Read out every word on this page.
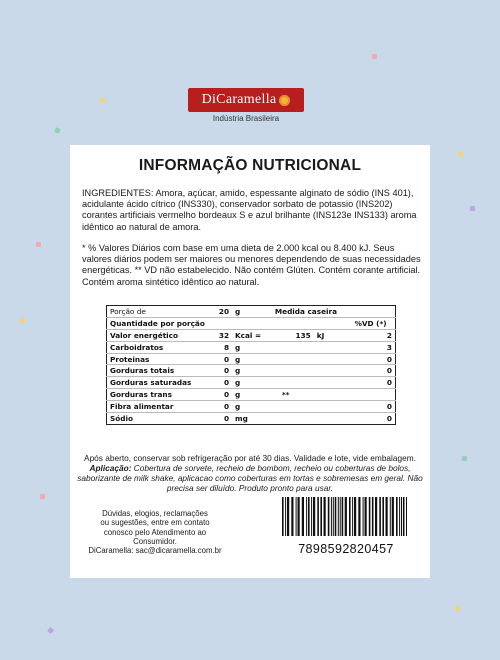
DiCaramella
Indústria Brasileira
INFORMAÇÃO NUTRICIONAL
INGREDIENTES: Amora, açúcar, amido, espessante alginato de sódio (INS 401), acidulante ácido cítrico (INS330), conservador sorbato de potassio (INS202) corantes artificiais vermelho bordeaux S e azul brilhante (INS123e INS133) aroma idêntico ao natural de amora.
* % Valores Diários com base em uma dieta de 2.000 kcal ou 8.400 kJ. Seus valores diários podem ser maiores ou menores dependendo de suas necessidades energéticas. ** VD não estabelecido. Não contém Glúten. Contém corante artificial. Contém aroma sintético idêntico ao natural.
Porção de	20	g	Medida caseira		
Quantidade por porção					%VD (*)
Valor energético	32	Kcal =	135	kJ	2
Carboidratos	8	g			3
Proteinas	0	g			0
Gorduras totais	0	g			0
Gorduras saturadas	0	g			0
Gorduras trans	0	g	**		
Fibra alimentar	0	g			0
Sódio	0	mg			0
Após aberto, conservar sob refrigeração por até 30 dias. Validade e lote, vide embalagem.
Aplicação: Cobertura de sorvete, recheio de bombom, recheio ou coberturas de bolos, saborizante de milk shake, aplicacao como coberturas em tortas e sobremesas em geral. Não precisa ser diluído. Produto pronto para usar.
Dúvidas, elogios, reclamações
ou sugestões, entre em contato
conosco pelo Atendimento ao Consumidor.
DiCaramella: sac@dicaramella.com.br	7898592820457
